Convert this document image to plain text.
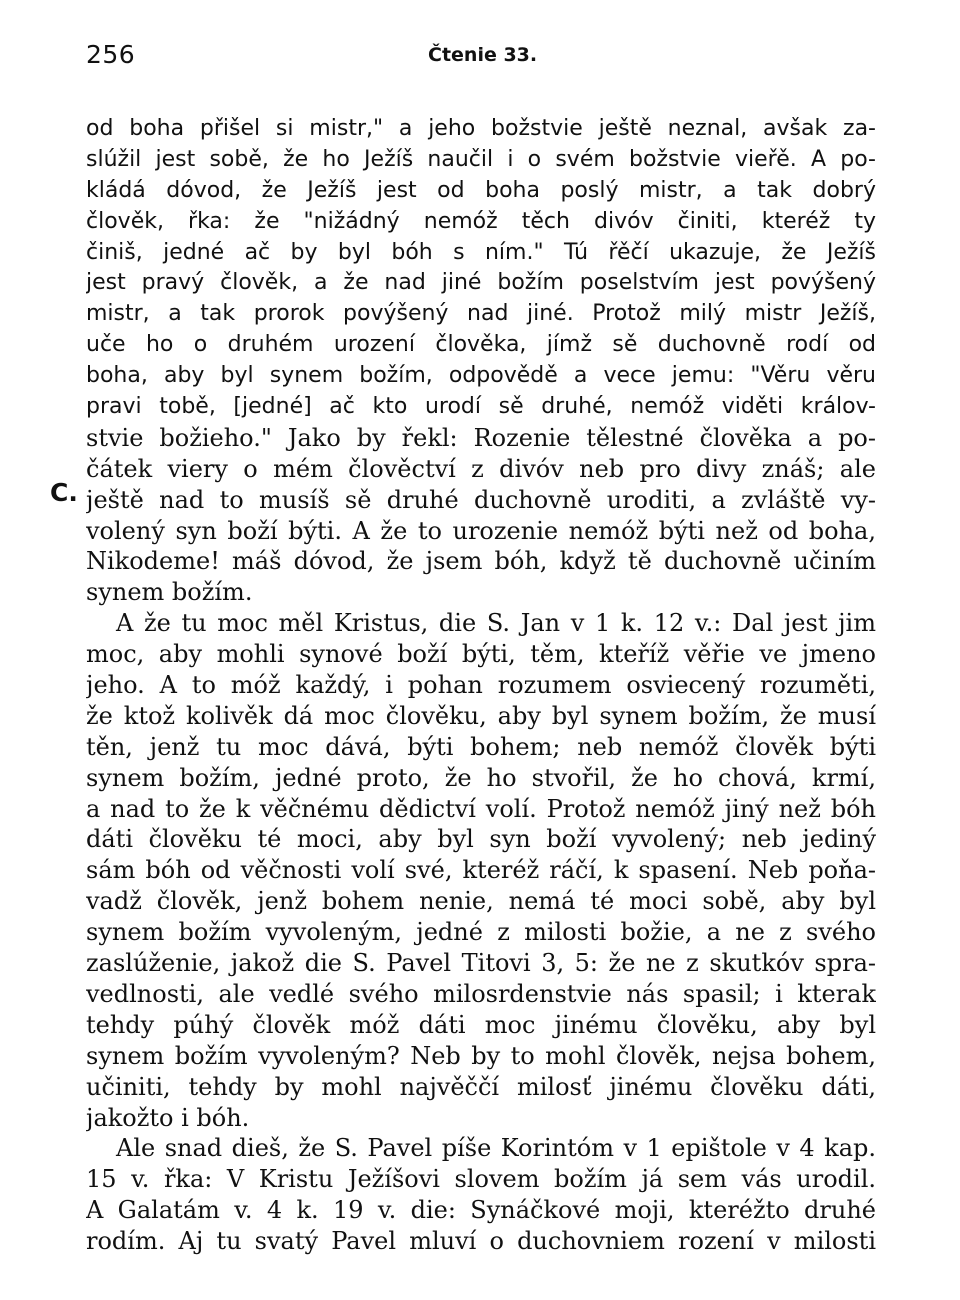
256	Čtenie 33.
C.
od boha přišel si mistr," a jeho božstvie ještě neznal, avšak za-
slúžil jest sobě, že ho Ježíš naučil i o svém božstvie vieřě. A po-
kládá dóvod, že Ježíš jest od boha poslý mistr, a tak dobrý
člověk, řka: že "nižádný nemóž těch divóv činiti, kteréž ty
činiš, jedné ač by byl bóh s ním." Tú řěčí ukazuje, že Ježíš
jest pravý člověk, a že nad jiné božím poselstvím jest povýšený
mistr, a tak prorok povýšený nad jiné. Protož milý mistr Ježíš,
uče ho o druhém urození člověka, jímž sě duchovně rodí od
boha, aby byl synem božím, odpovědě a vece jemu: "Věru věru
pravi tobě, [jedné] ač kto urodí sě druhé, nemóž viděti králov-
stvie božieho." Jako by řekl: Rozenie tělestné člověka a po-
čátek viery o mém člověctví z divóv neb pro divy znáš; ale
ještě nad to musíš sě druhé duchovně uroditi, a zvláště vy-
volený syn boží býti. A že to urozenie nemóž býti než od boha,
Nikodeme! máš dóvod, že jsem bóh, když tě duchovně učiním
synem božím.
A že tu moc měl Kristus, die S. Jan v 1 k. 12 v.: Dal jest jim
moc, aby mohli synové boží býti, těm, kteříž věřie ve jmeno
jeho. A to móž každý, i pohan rozumem osviecený rozuměti,
že ktož kolivěk dá moc člověku, aby byl synem božím, že musí
těn, jenž tu moc dává, býti bohem; neb nemóž člověk býti
synem božím, jedné proto, že ho stvořil, že ho chová, krmí,
a nad to že k věčnému dědictví volí. Protož nemóž jiný než bóh
dáti člověku té moci, aby byl syn boží vyvolený; neb jediný
sám bóh od věčnosti volí své, kteréž ráčí, k spasení. Neb poňa-
vadž člověk, jenž bohem nenie, nemá té moci sobě, aby byl
synem božím vyvoleným, jedné z milosti božie, a ne z svého
zaslúženie, jakož die S. Pavel Titovi 3, 5: že ne z skutkóv spra-
vedlnosti, ale vedlé svého milosrdenstvie nás spasil; i kterak
tehdy púhý člověk móž dáti moc jinému člověku, aby byl
synem božím vyvoleným? Neb by to mohl člověk, nejsa bohem,
učiniti, tehdy by mohl najvěččí milosť jinému člověku dáti,
jakožto i bóh.
Ale snad dieš, že S. Pavel píše Korintóm v 1 epištole v 4 kap.
15 v. řka: V Kristu Ježíšovi slovem božím já sem vás urodil.
A Galatám v. 4 k. 19 v. die: Synáčkové moji, kteréžto druhé
rodím. Aj tu svatý Pavel mluví o duchovniem rození v milosti
